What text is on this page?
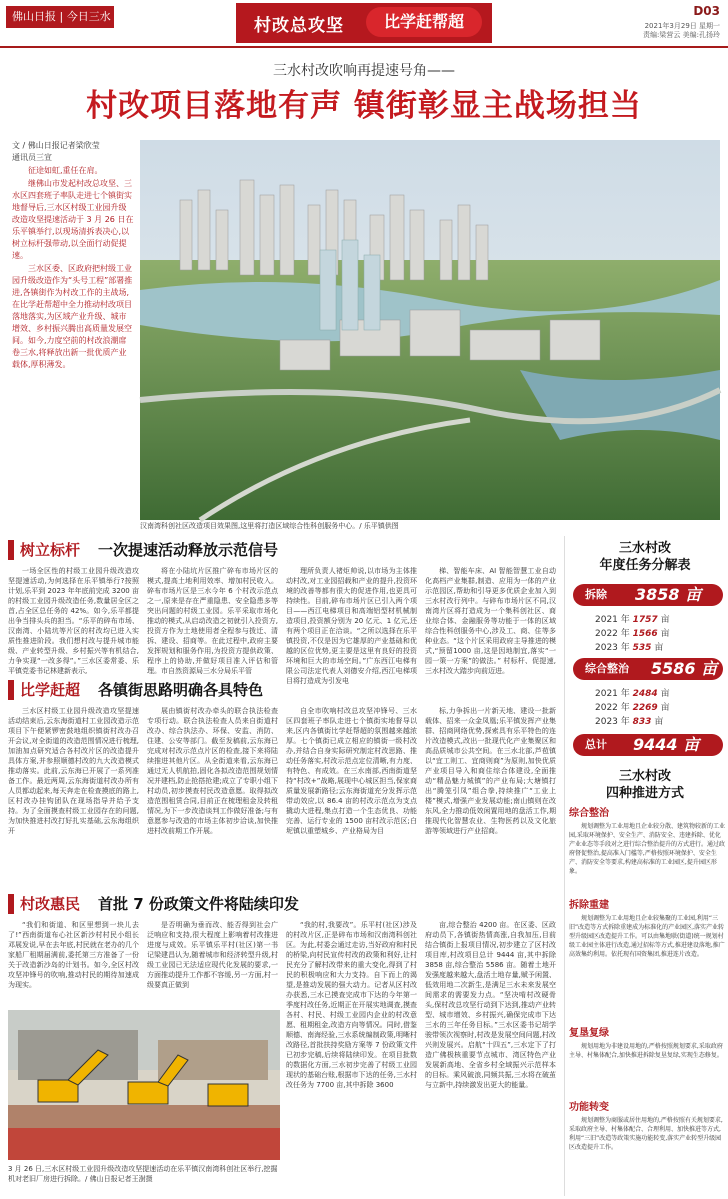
佛山日报 | 今日三水	村改总攻坚	比学赶帮超
D03
2021年3月29日 星期一
责编:梁营云 美编:孔扬玲
三水村改吹响再提速号角——
村改项目落地有声 镇街彰显主战场担当
文 / 佛山日报记者梁欣莹
通讯员三宣

征途如虹,重任在肩。

继佛山市发起村改总攻坚、三水区四套班子率队走进七个镇街实地督导后,三水区村级工业园升级改造攻坚提速活动于 3 月 26 日在乐平镇举行,以现场清拆表决心,以树立标杆强带动,以全面行动促提速。

三水区委、区政府把村级工业园升级改造作为“头号工程”部署推进,各镇街作为村改工作的主战场,在比学赶帮超中全力推动村改项目落地落实,为区域产业升级、城市增效、乡村振兴腾出高质量发展空间。如今,力度空前的村改浪潮席卷三水,将释放出新一批优质产业载体,厚积薄发。

汉南湾科创社区改造项目效果图,这里将打造区域综合性科创服务中心。/ 乐平镇供图
树立标杆 一次提速活动释放示范信号

一场全区性的村级工业园升级改造攻坚提速活动,为何选择在乐平镇举行?按照计划,乐平到 2023 年年底前完成 3200 亩的村级工业园升级改造任务,数量居全区之首,占全区总任务的 42%。如今,乐平都提出争当排头兵的担当。“乐平的碎布市场、汉南湾、小陆坑等片区的村改均已进入实质性推进阶段。我们想村改与提升城市能级、产业转型升级、乡村振兴等有机结合,力争实现“一改多得”。”三水区委常委、乐平镇党委书记林建新表示,

将在小陆坑片区推广碎布市场片区的模式,提高土地利用效率、增加村民收入。碎布市场片区是三水今年 6 个村改示范点之一,原来是存在严重隐患、安全隐患多等突出问题的村级工业园。乐平采取市场化推动的模式,从启动改造之初就引入投资方,投资方作为土地使用者全程参与拨迁、清拆、建设、招商等。在此过程中,政府主要发挥规划和服务作用,为投资方提供政策、程序上的协助,并做好项目准入评估和管理。市自然资源局三水分局乐平管

理所负责人褚炬帅说,以市场为主体推动村改,对工业园招载和产业的提升,投资环境的改善等都有很大的促进作用,也更具可持续性。目前,碎布市场片区已引入两个项目——西江电梯项目和高端铝型材机械制造项目,投资额分别为 20 亿元、1 亿元,还有两个项目正在洽谈。“之所以选择在乐平镇投资,不仅是因为它雄厚的产业基础和优越的区位优势,更主要是这里有良好的投资环境和巨大的市场空间。”广东西江电梯有限公司法定代表人刘德安介绍,西江电梯项目将打造成为引发电

梯、智能车床、AI 智能智慧工业自动化高档产业集群,制造、应用为一体的产业示范园区,帮助和引导更多优质企业加入到三水村改行列中。与碎布市场片区不同,汉南湾片区将打造成为一个集科创社区、商业综合体、金融服务等功能于一体的区域综合性科创服务中心,涉及工、商、住等多种业态。“这个片区采用政府主导推进的模式,“预留1000 亩,这是因地制宜,落实“一园一策一方案”的做法。” 村标杆、促提速,三水村改大踏步向前迈进。

比学赶超 各镇街思路明确各具特色

三水区村级工业园升级改造攻坚提速活动结束后,云东海街道村工业园改造示范项目下午便紧锣密鼓地组织镇街村改办召开会议,对全街道的改造范围情况进行梳理,加油加点研究适合各村改片区的改造提升具体方案,并参照顺德村改的九大改造模式推动落实。此前,云东海已开展了一系列准备工作。最近两周,云东海街道村改办所有人员都动起来,每天奔走在检查摸底的路上,区村改办挂钩团队在现场指导并给予支持。为了全面摸查村级工业园存在的问题,为加快推进村改打好扎实基础,云东海组织开

展由镇街村改办牵头的联合执法检查专项行动。联合执法检查人员来自街道村改办、综合执法办、环保、安监、消防、住建、公安等部门。截至发稿前,云东海已完成对村改示范点片区的检查,接下来将陆续推进其他片区。从全街道来看,云东海已通过无人机航拍,固化各拟改造范围规划情况并建档,防止抢搭抢建;成立了专职小组下村动员,初步摸查村民改造意愿。取得拟改造范围租赁合同,目前正在梳理租金及转租情况,为下一步改造谈判工作做好准备;与有意愿参与改造的市场主体初步洽谈,加快推进村改前期工作开展。

自全市吹响村改总攻坚冲锋号、三水区四套班子率队走进七个镇街实地督导以来,区内各镇街比学赶帮超的氛围越来越浓厚。七个镇街已成立相应的镇街一级村改办,并结合自身实际研究制定村改思路、推动任务落实,村改示范点定位清晰,有力度、有特色、有成效。在三水南部,西南街道坚持“村改+”战略,展现中心城区担当,保家商质量发展新路径;云东海街道充分发挥示范带动效应,以 86.4 亩的村改示范点为支点撬动大进程,集点打造一个生态优良、功能完善、运行专业的 1500 亩村改示范区;白坭镇以重塑城乡、产业格局为目

标,力争拆出一片新天地、建设一批新载体、招来一众金凤凰;乐平镇发挥产业集群、招商网络优势,探索具有乐平特色的连片改造模式,改出一批现代化产业集聚区和高品质城市公共空间。在三水北部,芦苞镇以“宜工则工、宜商则商”为原则,加快优质产业项目导入和商住综合体建设,全面推动“精品魅力城镇”的产业布局;大塘镇打出“腾笼引凤”组合拳,持续推广“工业上楼”模式,增强产业发展动能;南山镇则在改东风,全力推动低效闲置用地的盘活工作,期推现代化智慧农业、生物医药以及文化旅游等领域进行产业招商。

村改惠民 首批 7 份政策文件将陆续印发

“我们和街道、和区里想到一块儿去了!”西南街道布心社区新沙村村民小组长邓展发说,早在去年底,村民就在老办的几个家船厂租期届满前,委托第三方准备了一份关于改造新沙岛的计划书。如今,全区村改攻坚冲锋号的吹响,推动村民的期待加速成为现实。

是否明确为垂而改、能否得到社会广泛响应和支持,很大程度上影响着村改推进进度与成效。乐平镇乐平村(社区)第一书记梁建昌认为,随着城市和经济转型升级,村级工业园已无法适应现代化发展的要求,一方面推动提升工作都不容缓,另一方面,村一级要真正做到

“我的村,我要改”。乐平村(社区)涉及的村改片区,正是碎布市场和汉南湾科创社区。为此,村委会通过走访,当好政府和村民的桥梁,向村民宣传村改的政策和利好,让村民充分了解村改带来的重大变化,得到了村民的积极响应和大力支持。自下而上的渴望,是推动发展的强大动力。记者从区村改办获悉,三水已摸查完成市下达的今年第一季度村改任务,近期正在开展实地调查,摸查各村、村民、村级工业园内企业的村改意愿、租期租金,改造方向等情况。同时,借鉴顺德、南海经验,三水系统编制政策,明晰村改路径,首批扶持奖励方案等 7 份政策文件已初步完稿,后续将陆续印发。在项目批数的数据化方面,三水初步完善了村级工业园现状的基础台账,根据市下达的任务,三水村改任务为 7700 亩,其中拆除 3600

亩,综合整治 4200 亩。在区委、区政府动员下,各镇街热情高涨,自我加压,目前结合镇街上报项目情况,初步建立了区村改项目库,村改项目总计 9444 亩,其中拆除 3858 亩,综合整治 5586 亩。随着土地开发强度越来越大,盘活土地存量,赋予闲置、低效用地二次新生,是满足三水未来发展空间需求的需要发力点。“坚决啃村改硬骨头,保村改总攻坚行动到下达到,推动产业转型、城市增效、乡村振兴,确保完成市下达三水的三年任务目标。”三水区委书记胡学骏带领次视察时,村改是发展空间问题,村改兴则发展兴。启航“十四五”,三水定下了打造广佛极核重要节点城市、湾区特色产业发展新高地、全省乡村全域振兴示范样本的目标。乘风破浪,同频共振,三水将在破茧与立新中,持续激发出更大的能量。

3 月 26 日,三水区村级工业园升级改造攻坚提速活动在乐平镇汉南湾科创社区举行,挖掘机对老旧厂房进行拆除。/ 佛山日报记者王澍摄
三水村改
年度任务分解表
拆除 3858 亩
2021 年 1757 亩
2022 年 1566 亩
2023 年 535 亩
综合整治 5586 亩
2021 年 2484 亩
2022 年 2269 亩
2023 年 833 亩
总计 9444 亩
三水村改
四种推进方式
综合整治
规划调整为工业用地且企业较分散、建筑物较新的工业园,采取环境保护、安全生产、消防安全、违建拆除、优化产业业态等手段对之进行综合整治提升的方式进行。通过政府督促整治,提高准入门槛等,严格按照环境保护、安全生产、消防安全等要求,构建高标准的工业园区,提升园区形象。
拆除重建
规划调整为工业用地且企业较集聚的工业园,利用“三旧”改造等方式拆除重建成为标准化的产业园区,落实产业转型升级园区改造提升工作。可以由集地联(街道)统一规划村级工业园主体进行改造,通过招标等方式,推进建设落地,推广高效集约利用。依托现有国资集团,推进连片改造。
复垦复绿
规划用地为非建设用地的,严格按照规划要求,采取政府主导、村集体配合,加快推进拆除复垦复绿,实现生态修复。
功能转变
规划调整为商服或居住用地的,严格按照有关规划要求,采取政府主导、村集体配合、合理利用、加快推进等方式,利用“三旧”改造等政策实施功能转变,落实产业转型升级园区改造提升工作。
